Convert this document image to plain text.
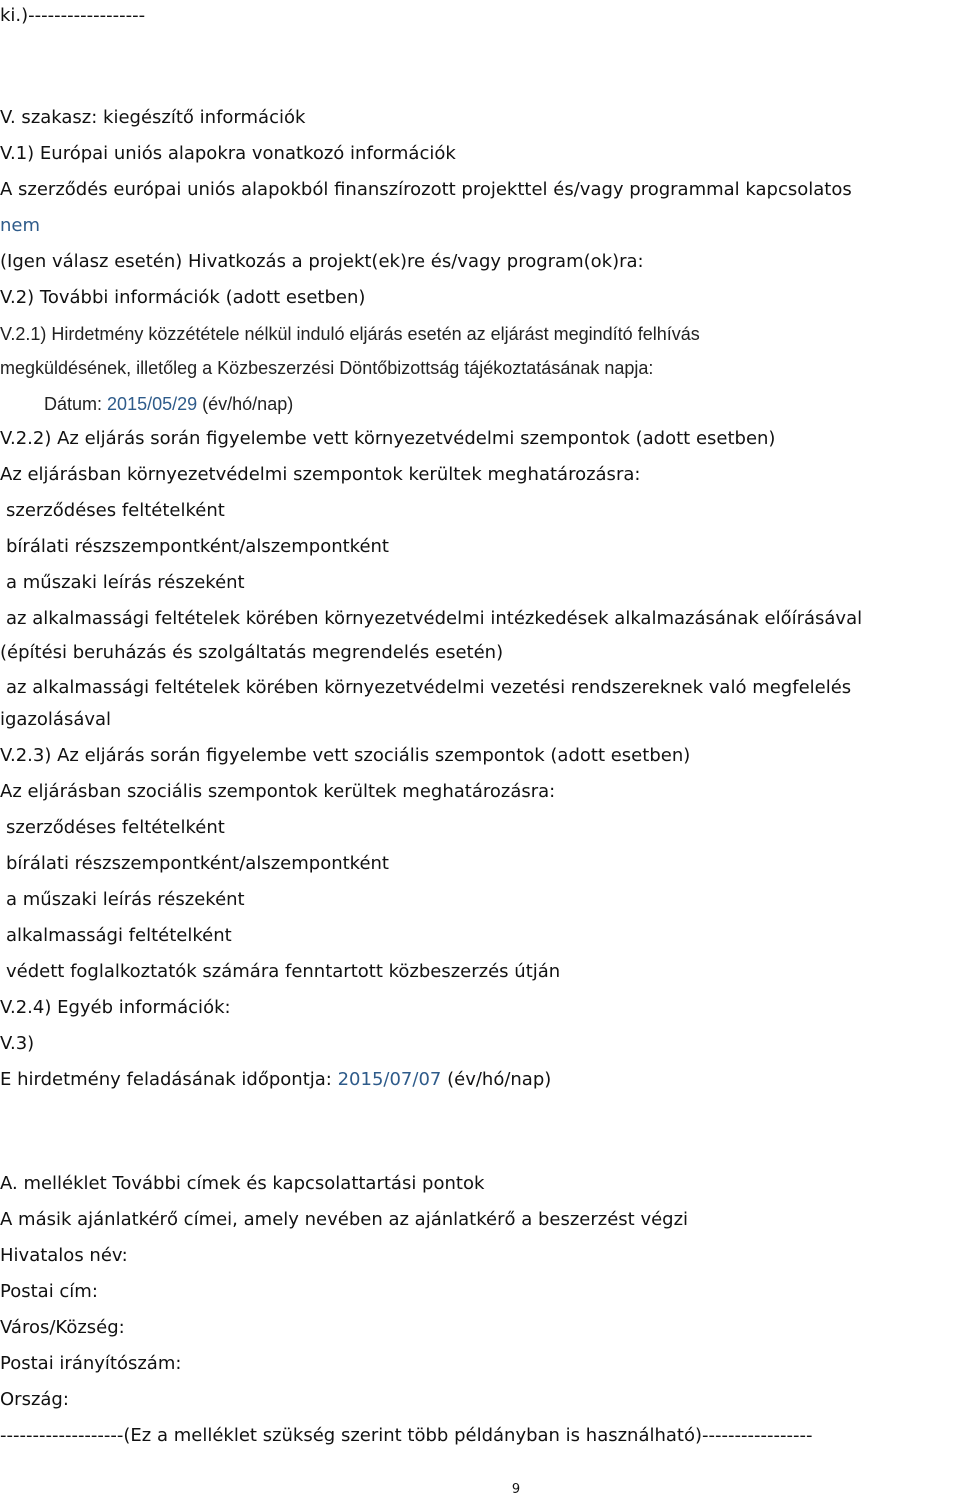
ki.)------------------
V. szakasz: kiegészítő információk
V.1) Európai uniós alapokra vonatkozó információk
A szerződés európai uniós alapokból finanszírozott projekttel és/vagy programmal kapcsolatos
nem
(Igen válasz esetén) Hivatkozás a projekt(ek)re és/vagy program(ok)ra:
V.2) További információk (adott esetben)
V.2.1) Hirdetmény közzététele nélkül induló eljárás esetén az eljárást megindító felhívás
megküldésének, illetőleg a Közbeszerzési Döntőbizottság tájékoztatásának napja:
Dátum: 2015/05/29 (év/hó/nap)
V.2.2) Az eljárás során figyelembe vett környezetvédelmi szempontok (adott esetben)
Az eljárásban környezetvédelmi szempontok kerültek meghatározásra:
szerződéses feltételként
bírálati részszempontként/alszempontként
a műszaki leírás részeként
az alkalmassági feltételek körében környezetvédelmi intézkedések alkalmazásának előírásával
(építési beruházás és szolgáltatás megrendelés esetén)
az alkalmassági feltételek körében környezetvédelmi vezetési rendszereknek való megfelelés
igazolásával
V.2.3) Az eljárás során figyelembe vett szociális szempontok (adott esetben)
Az eljárásban szociális szempontok kerültek meghatározásra:
szerződéses feltételként
bírálati részszempontként/alszempontként
a műszaki leírás részeként
alkalmassági feltételként
védett foglalkoztatók számára fenntartott közbeszerzés útján
V.2.4) Egyéb információk:
V.3)
E hirdetmény feladásának időpontja: 2015/07/07 (év/hó/nap)
A. melléklet További címek és kapcsolattartási pontok
A másik ajánlatkérő címei, amely nevében az ajánlatkérő a beszerzést végzi
Hivatalos név:
Postai cím:
Város/Község:
Postai irányítószám:
Ország:
-------------------(Ez a melléklet szükség szerint több példányban is használható)-----------------
9
